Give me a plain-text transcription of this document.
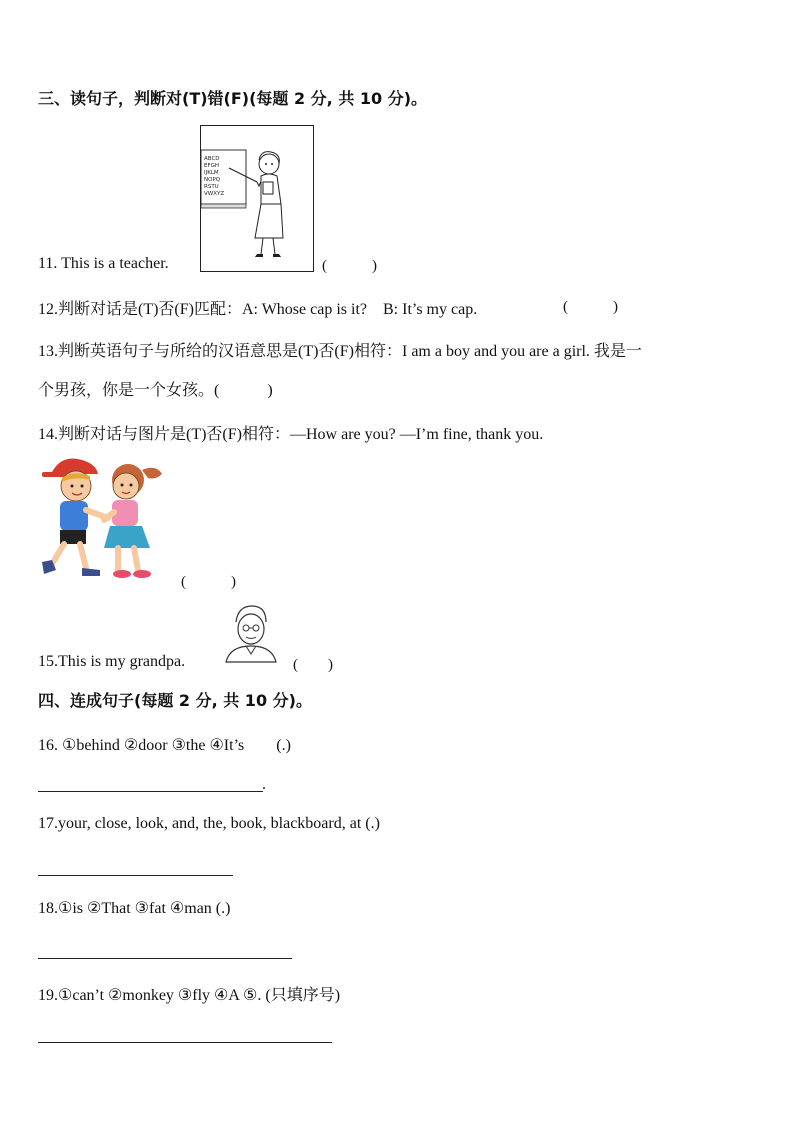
三、读句子，判断对(T)错(F)(每题 2 分, 共 10 分)。
ABCD
EFGH
IJKLM
NOPQ
RSTU
VWXYZ
11. This is a teacher.	(　　　)
12.判断对话是(T)否(F)匹配：A: Whose cap is it?　B: It’s my cap.	(　　　)
13.判断英语句子与所给的汉语意思是(T)否(F)相符：I am a boy and you are a girl. 我是一
个男孩，你是一个女孩。(　　　)
14.判断对话与图片是(T)否(F)相符：—How are you? —I’m fine, thank you.
(　　　)
15.This is my grandpa.	(　　)
四、连成句子(每题 2 分, 共 10 分)。
16. ①behind ②door ③the ④It’s　　(.)
.
17.your, close, look, and, the, book, blackboard, at (.)
18.①is ②That ③fat ④man (.)
19.①can’t ②monkey ③fly ④A ⑤. (只填序号)
